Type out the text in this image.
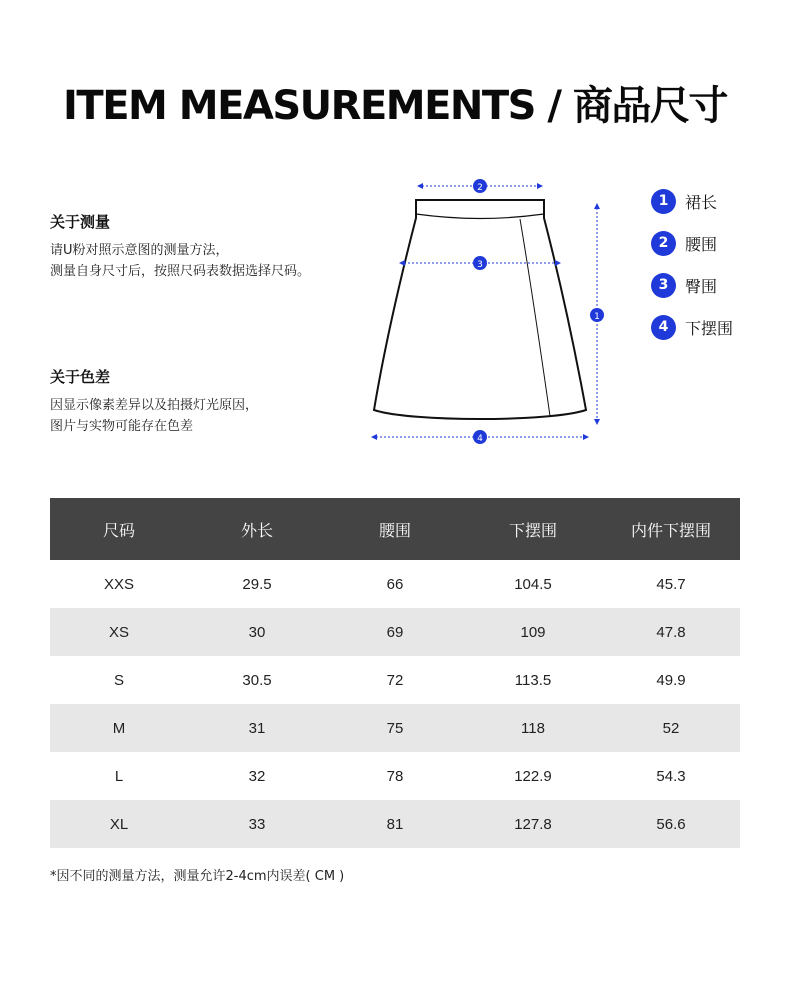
ITEM MEASUREMENTS / 商品尺寸
关于测量

请U粉对照示意图的测量方法，

测量自身尺寸后，按照尺码表数据选择尺码。

关于色差

因显示像素差异以及拍摄灯光原因，

图片与实物可能存在色差

2
3
1
4
1	裙长
2	腰围
3	臀围
4	下摆围
尺码	外长	腰围	下摆围	内件下摆围
XXS	29.5	66	104.5	45.7
XS	30	69	109	47.8
S	30.5	72	113.5	49.9
M	31	75	118	52
L	32	78	122.9	54.3
XL	33	81	127.8	56.6
*因不同的测量方法，测量允许2-4cm内误差( CM )
